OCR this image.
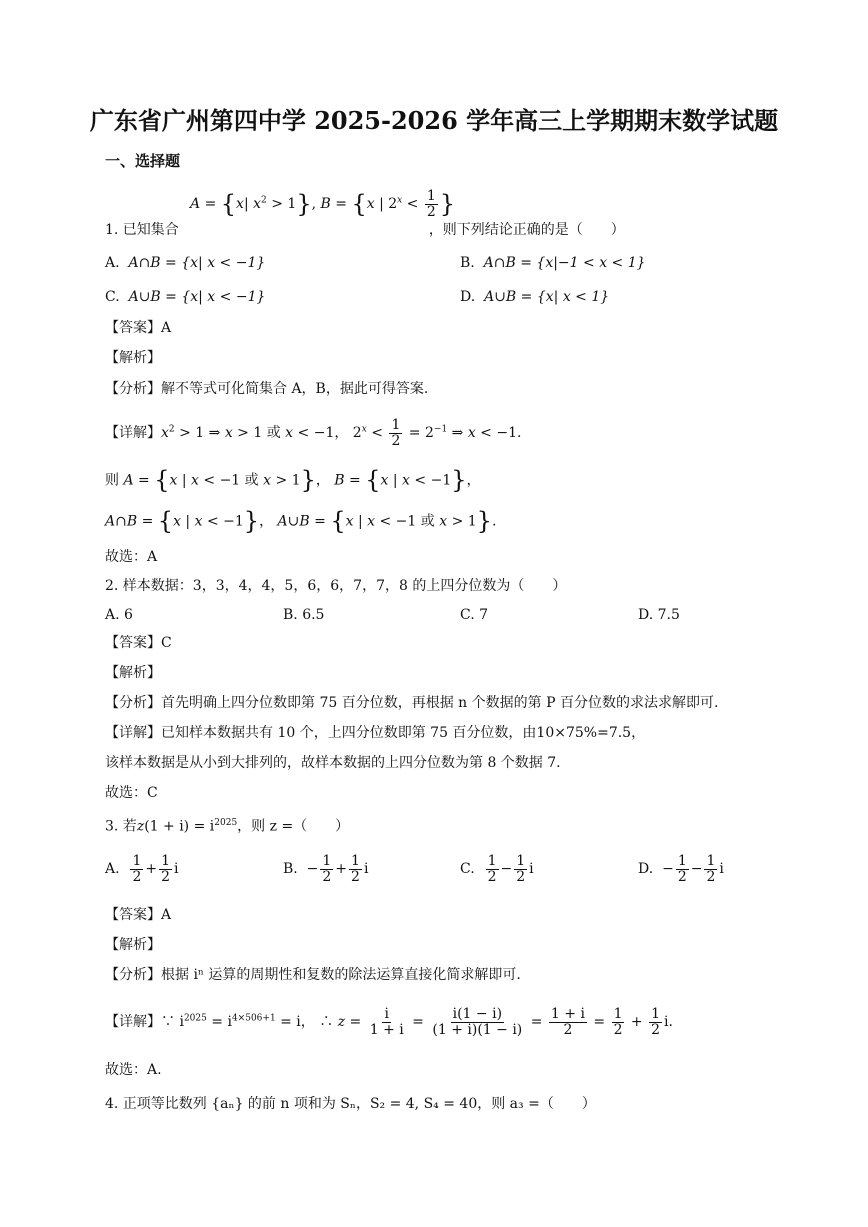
广东省广州第四中学 2025-2026 学年高三上学期期末数学试题
一、选择题
A = {x| $x^2 > 1$}, B = {x | $2^x < \frac{1}{2}$ }
1. 已知集合	，则下列结论正确的是（　　）
A. A∩B = {x| x < −1}	B. A∩B = {x|−1 < x < 1}
C. A∪B = {x| x < −1}	D. A∪B = {x| x < 1}
【答案】A
【解析】
【分析】解不等式可化简集合 A，B，据此可得答案.
【详解】$x^2 > 1$ ⇒ x > 1 或 x < −1， $2^x < \frac{1}{2} = 2^{-1}$ ⇒ x < −1.
则 A = {x | x < −1 或 x > 1}， B = {x | x < −1}，
A∩B = {x | x < −1}， A∪B = {x | x < −1 或 x > 1}.
故选：A
2. 样本数据：3，3，4，4，5，6，6，7，7，8 的上四分位数为（　　）
A. 6	B. 6.5	C. 7	D. 7.5
【答案】C
【解析】
【分析】首先明确上四分位数即第 75 百分位数，再根据 n 个数据的第 P 百分位数的求法求解即可.
【详解】已知样本数据共有 10 个，上四分位数即第 75 百分位数，由10×75%=7.5，
该样本数据是从小到大排列的，故样本数据的上四分位数为第 8 个数据 7.
故选：C
3. 若$z(1 + i) = i^{2025}$，则 z =（　　）
A. $\frac{1}{2} + \frac{1}{2}$ i	B.  − $\frac{1}{2} + \frac{1}{2}$ i	C. $\frac{1}{2} - \frac{1}{2}$ i	D.  − $\frac{1}{2} - \frac{1}{2}$ i
【答案】A
【解析】
【分析】根据 iⁿ 运算的周期性和复数的除法运算直接化简求解即可.
【详解】∵ $i^{2025} = i^{4\times 506+1} = i$， ∴ $z = \frac{i}{1 + i} = \frac{i(1 - i)}{(1 + i)(1 - i)} = \frac{1 + i}{2} = \frac{1}{2} + \frac{1}{2} i$.
故选：A.
4. 正项等比数列 {aₙ} 的前 n 项和为 Sₙ，S₂ = 4, S₄ = 40，则 a₃ =（　　）
